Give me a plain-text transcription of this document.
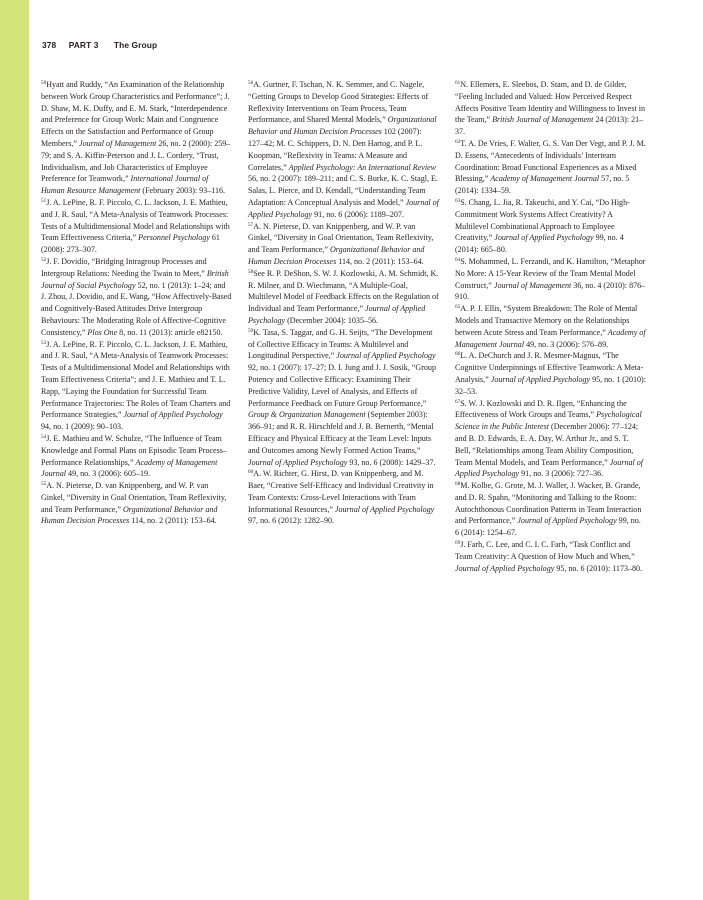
378 PART 3 The Group

$^{50}$Hyatt and Ruddy, “An Examination of the Relationship between Work Group Characteristics and Performance”; J. D. Shaw, M. K. Duffy, and E. M. Stark, “Interdependence and Preference for Group Work: Main and Congruence Effects on the Satisfaction and Performance of Group Members,” Journal of Management 26, no. 2 (2000): 259–79; and S. A. Kiffin-Peterson and J. L. Cordery, “Trust, Individualism, and Job Characteristics of Employee Preference for Teamwork,” International Journal of Human Resource Management (February 2003): 93–116.

$^{51}$J. A. LePine, R. F. Piccolo, C. L. Jackson, J. E. Mathieu, and J. R. Saul, “A Meta-Analysis of Teamwork Processes: Tests of a Multidimensional Model and Relationships with Team Effectiveness Criteria,” Personnel Psychology 61 (2008): 273–307.

$^{52}$J. F. Dovidio, “Bridging Intragroup Processes and Intergroup Relations: Needing the Twain to Meet,” British Journal of Social Psychology 52, no. 1 (2013): 1–24; and J. Zhou, J. Dovidio, and E. Wang, “How Affectively-Based and Cognitively-Based Attitudes Drive Intergroup Behaviours: The Moderating Role of Affective-Cognitive Consistency,” Plos One 8, no. 11 (2013): article e82150.

$^{53}$J. A. LePine, R. F. Piccolo, C. L. Jackson, J. E. Mathieu, and J. R. Saul, “A Meta-Analysis of Teamwork Processes: Tests of a Multidimensional Model and Relationships with Team Effectiveness Criteria”; and J. E. Mathieu and T. L. Rapp, “Laying the Foundation for Successful Team Performance Trajectories: The Roles of Team Charters and Performance Strategies,” Journal of Applied Psychology 94, no. 1 (2009): 90–103.

$^{54}$J. E. Mathieu and W. Schulze, “The Influence of Team Knowledge and Formal Plans on Episodic Team Process–Performance Relationships,” Academy of Management Journal 49, no. 3 (2006): 605–19.

$^{55}$A. N. Pieterse, D. van Knippenberg, and W. P. van Ginkel, “Diversity in Goal Orientation, Team Reflexivity, and Team Performance,” Organizational Behavior and Human Decision Processes 114, no. 2 (2011): 153–64.

$^{56}$A. Gurtner, F. Tschan, N. K. Semmer, and C. Nagele, “Getting Groups to Develop Good Strategies: Effects of Reflexivity Interventions on Team Process, Team Performance, and Shared Mental Models,” Organizational Behavior and Human Decision Processes 102 (2007): 127–42; M. C. Schippers, D. N. Den Hartog, and P. L. Koopman, “Reflexivity in Teams: A Measure and Correlates,” Applied Psychology: An International Review 56, no. 2 (2007): 189–211; and C. S. Burke, K. C. Stagl, E. Salas, L. Pierce, and D. Kendall, “Understanding Team Adaptation: A Conceptual Analysis and Model,” Journal of Applied Psychology 91, no. 6 (2006): 1189–207.

$^{57}$A. N. Pieterse, D. van Knippenberg, and W. P. van Ginkel, “Diversity in Goal Orientation, Team Reflexivity, and Team Performance,” Organizational Behavior and Human Decision Processes 114, no. 2 (2011): 153–64.

$^{58}$See R. P. DeShon, S. W. J. Kozlowski, A. M. Schmidt, K. R. Milner, and D. Wiechmann, “A Multiple-Goal, Multilevel Model of Feedback Effects on the Regulation of Individual and Team Performance,” Journal of Applied Psychology (December 2004): 1035–56.

$^{59}$K. Tasa, S. Taggar, and G. H. Seijts, “The Development of Collective Efficacy in Teams: A Multilevel and Longitudinal Perspective,” Journal of Applied Psychology 92, no. 1 (2007): 17–27; D. I. Jung and J. J. Sosik, “Group Potency and Collective Efficacy: Examining Their Predictive Validity, Level of Analysis, and Effects of Performance Feedback on Future Group Performance,” Group & Organization Management (September 2003): 366–91; and R. R. Hirschfeld and J. B. Bernerth, “Mental Efficacy and Physical Efficacy at the Team Level: Inputs and Outcomes among Newly Formed Action Teams,” Journal of Applied Psychology 93, no. 6 (2008): 1429–37.

$^{60}$A. W. Richter, G. Hirst, D. van Knippenberg, and M. Baer, “Creative Self-Efficacy and Individual Creativity in Team Contexts: Cross-Level Interactions with Team Informational Resources,” Journal of Applied Psychology 97, no. 6 (2012): 1282–90.

$^{61}$N. Ellemers, E. Sleebos, D. Stam, and D. de Gilder, “Feeling Included and Valued: How Perceived Respect Affects Positive Team Identity and Willingness to Invest in the Team,” British Journal of Management 24 (2013): 21–37.

$^{62}$T. A. De Vries, F. Walter, G. S. Van Der Vegt, and P. J. M. D. Essens, “Antecedents of Individuals’ Interteam Coordination: Broad Functional Experiences as a Mixed Blessing,” Academy of Management Journal 57, no. 5 (2014): 1334–59.

$^{63}$S. Chang, L. Jia, R. Takeuchi, and Y. Cai, “Do High-Commitment Work Systems Affect Creativity? A Multilevel Combinational Approach to Employee Creativity,” Journal of Applied Psychology 99, no. 4 (2014): 665–80.

$^{64}$S. Mohammed, L. Ferzandi, and K. Hamilton, “Metaphor No More: A 15-Year Review of the Team Mental Model Construct,” Journal of Management 36, no. 4 (2010): 876–910.

$^{65}$A. P. J. Ellis, “System Breakdown: The Role of Mental Models and Transactive Memory on the Relationships between Acute Stress and Team Performance,” Academy of Management Journal 49, no. 3 (2006): 576–89.

$^{66}$L. A. DeChurch and J. R. Mesmer-Magnus, “The Cognitive Underpinnings of Effective Teamwork: A Meta-Analysis,” Journal of Applied Psychology 95, no. 1 (2010): 32–53.

$^{67}$S. W. J. Kozlowski and D. R. Ilgen, “Enhancing the Effectiveness of Work Groups and Teams,” Psychological Science in the Public Interest (December 2006): 77–124; and B. D. Edwards, E. A. Day, W. Arthur Jr., and S. T. Bell, “Relationships among Team Ability Composition, Team Mental Models, and Team Performance,” Journal of Applied Psychology 91, no. 3 (2006): 727–36.

$^{68}$M. Kolbe, G. Grote, M. J. Waller, J. Wacker, B. Grande, and D. R. Spahn, “Monitoring and Talking to the Room: Autochthonous Coordination Patterns in Team Interaction and Performance,” Journal of Applied Psychology 99, no. 6 (2014): 1254–67.

$^{69}$J. Farh, C. Lee, and C. I. C. Farh, “Task Conflict and Team Creativity: A Question of How Much and When,” Journal of Applied Psychology 95, no. 6 (2010): 1173–80.
